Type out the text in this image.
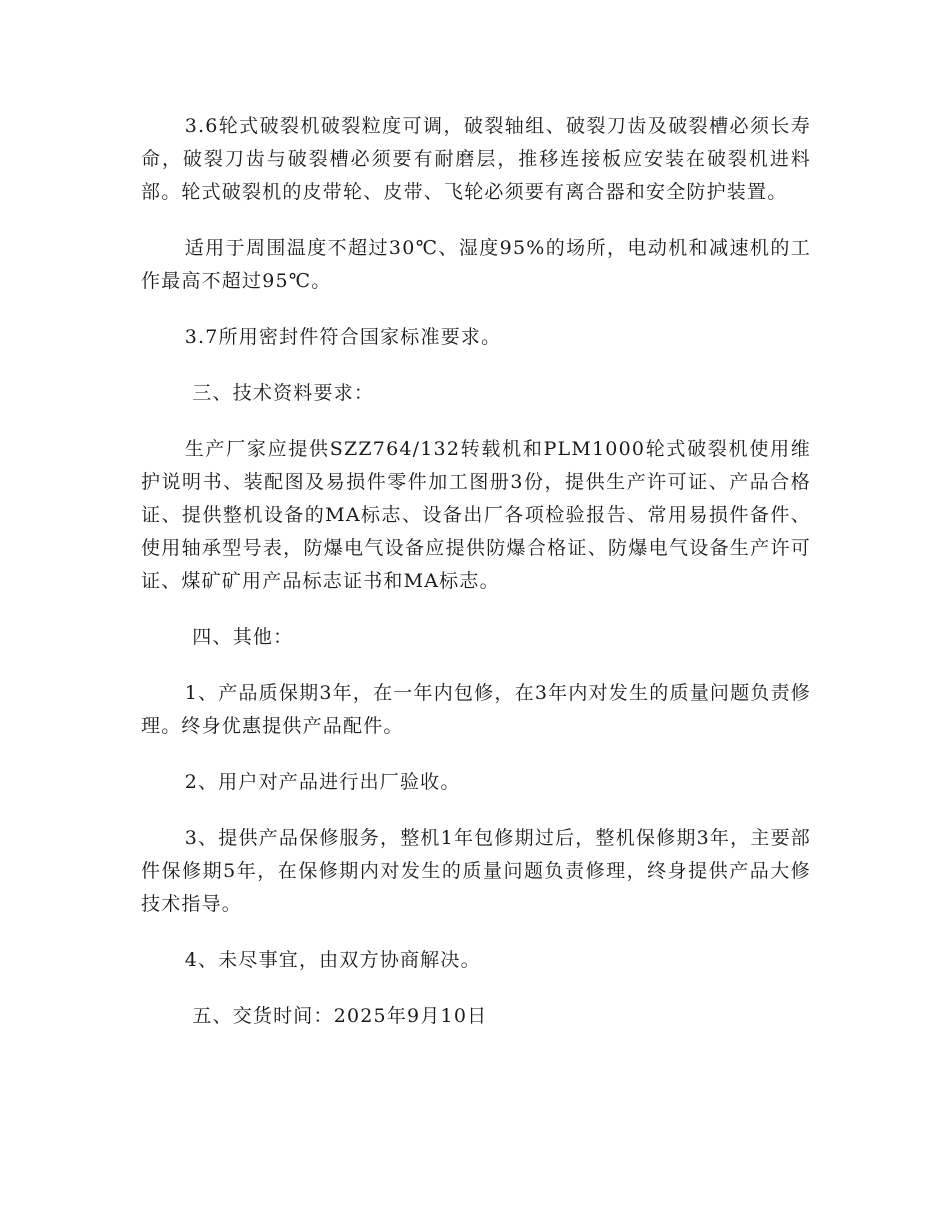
3.6轮式破裂机破裂粒度可调，破裂轴组、破裂刀齿及破裂槽必须长寿命，破裂刀齿与破裂槽必须要有耐磨层，推移连接板应安装在破裂机进料部。轮式破裂机的皮带轮、皮带、飞轮必须要有离合器和安全防护装置。

适用于周围温度不超过30℃、湿度95%的场所，电动机和减速机的工作最高不超过95℃。

3.7所用密封件符合国家标准要求。

三、技术资料要求：

生产厂家应提供SZZ764/132转载机和PLM1000轮式破裂机使用维护说明书、装配图及易损件零件加工图册3份，提供生产许可证、产品合格证、提供整机设备的MA标志、设备出厂各项检验报告、常用易损件备件、使用轴承型号表，防爆电气设备应提供防爆合格证、防爆电气设备生产许可证、煤矿矿用产品标志证书和MA标志。

四、其他：

1、产品质保期3年，在一年内包修，在3年内对发生的质量问题负责修理。终身优惠提供产品配件。

2、用户对产品进行出厂验收。

3、提供产品保修服务，整机1年包修期过后，整机保修期3年，主要部件保修期5年，在保修期内对发生的质量问题负责修理，终身提供产品大修技术指导。

4、未尽事宜，由双方协商解决。

五、交货时间：2025年9月10日
